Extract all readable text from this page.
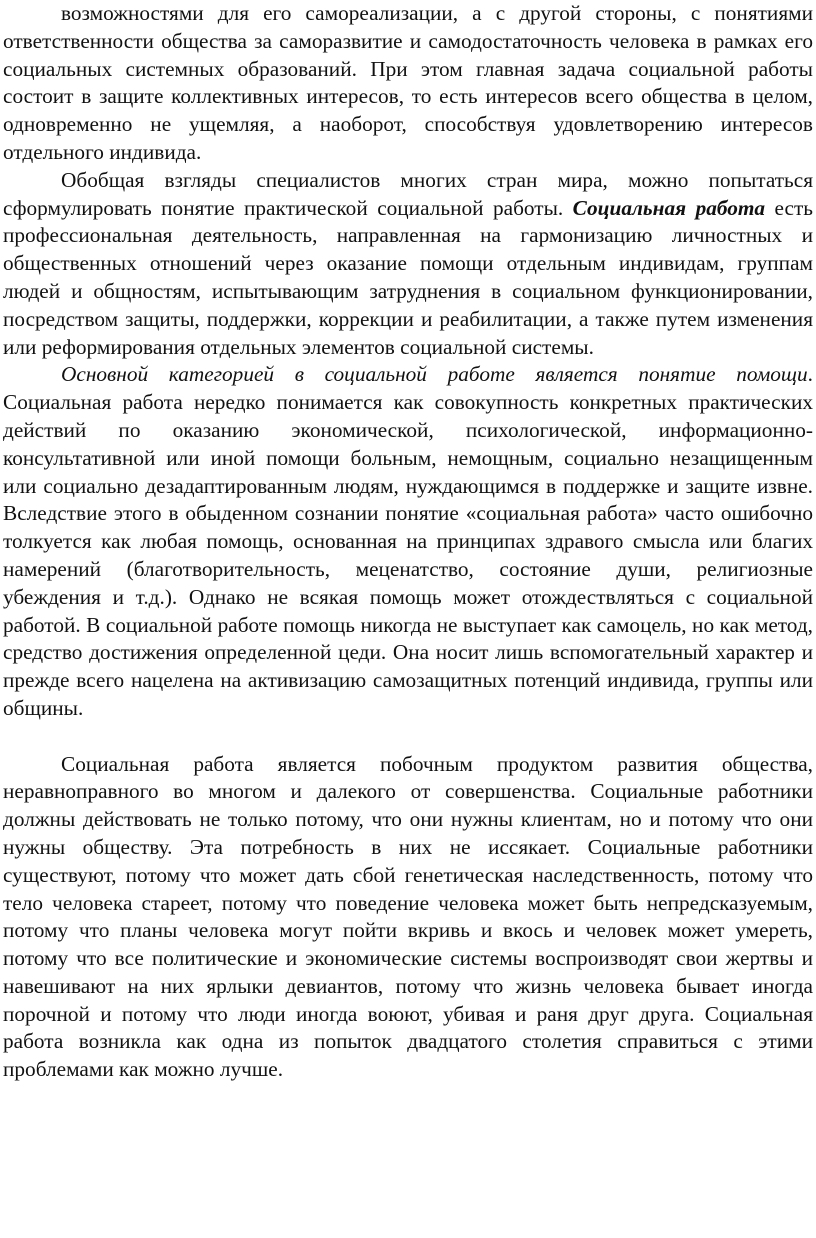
возможностями для его самореализации, а с другой стороны, с понятиями ответственности общества за саморазвитие и самодостаточность человека в рамках его социальных системных образований. При этом главная задача социальной работы состоит в защите коллективных интересов, то есть интересов всего общества в целом, одновременно не ущемляя, а наоборот, способствуя удовлетворению интересов отдельного индивида.

Обобщая взгляды специалистов многих стран мира, можно попытаться сформулировать понятие практической социальной работы. Социальная работа есть профессиональная деятельность, направленная на гармонизацию личностных и общественных отношений через оказание помощи отдельным индивидам, группам людей и общностям, испытывающим затруднения в социальном функционировании, посредством защиты, поддержки, коррекции и реабилитации, а также путем изменения или реформирования отдельных элементов социальной системы.

Основной категорией в социальной работе является понятие помощи. Социальная работа нередко понимается как совокупность конкретных практических действий по оказанию экономической, психологической, информационно-консультативной или иной помощи больным, немощным, социально незащищенным или социально дезадаптированным людям, нуждающимся в поддержке и защите извне. Вследствие этого в обыденном сознании понятие «социальная работа» часто ошибочно толкуется как любая помощь, основанная на принципах здравого смысла или благих намерений (благотворительность, меценатство, состояние души, религиозные убеждения и т.д.). Однако не всякая помощь может отождествляться с социальной работой. В социальной работе помощь никогда не выступает как самоцель, но как метод, средство достижения определенной цеди. Она носит лишь вспомогательный характер и прежде всего нацелена на активизацию самозащитных потенций индивида, группы или общины.

Социальная работа является побочным продуктом развития общества, неравноправного во многом и далекого от совершенства. Социальные работники должны действовать не только потому, что они нужны клиентам, но и потому что они нужны обществу. Эта потребность в них не иссякает. Социальные работники существуют, потому что может дать сбой генетическая наследственность, потому что тело человека стареет, потому что поведение человека может быть непредсказуемым, потому что планы человека могут пойти вкривь и вкось и человек может умереть, потому что все политические и экономические системы воспроизводят свои жертвы и навешивают на них ярлыки девиантов, потому что жизнь человека бывает иногда порочной и потому что люди иногда воюют, убивая и раня друг друга. Социальная работа возникла как одна из попыток двадцатого столетия справиться с этими проблемами как можно лучше.
